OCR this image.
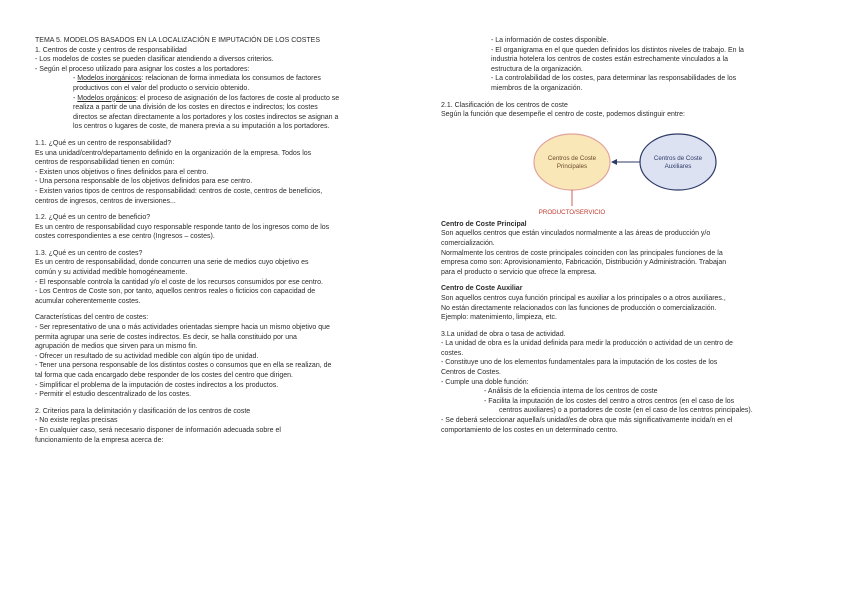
TEMA 5. MODELOS BASADOS EN LA LOCALIZACIÓN E IMPUTACIÓN DE LOS COSTES

1. Centros de coste y centros de responsabilidad

- Los modelos de costes se pueden clasificar atendiendo a diversos criterios.

- Según el proceso utilizado para asignar los costes a los portadores:

- Modelos inorgánicos: relacionan de forma inmediata los consumos de factores

productivos con el valor del producto o servicio obtenido.

- Modelos orgánicos: el proceso de asignación de los factores de coste al producto se

realiza a partir de una división de los costes en directos e indirectos; los costes

directos se afectan directamente a los portadores y los costes indirectos se asignan a

los centros o lugares de coste, de manera previa a su imputación a los portadores.

1.1. ¿Qué es un centro de responsabilidad?

Es una unidad/centro/departamento definido en la organización de la empresa. Todos los

centros de responsabilidad tienen en común:

- Existen unos objetivos o fines definidos para el centro.

- Una persona responsable de los objetivos definidos para ese centro.

- Existen varios tipos de centros de responsabilidad: centros de coste, centros de beneficios,

centros de ingresos, centros de inversiones...

1.2. ¿Qué es un centro de beneficio?

Es un centro de responsabilidad cuyo responsable responde tanto de los ingresos como de los

costes correspondientes a ese centro (Ingresos – costes).

1.3. ¿Qué es un centro de costes?

Es un centro de responsabilidad, donde concurren una serie de medios cuyo objetivo es

común y su actividad medible homogéneamente.

- El responsable controla la cantidad y/o el coste de los recursos consumidos por ese centro.

- Los Centros de Coste son, por tanto, aquellos centros reales o ficticios con capacidad de

acumular coherentemente costes.

Características del centro de costes:

- Ser representativo de una o más actividades orientadas siempre hacia un mismo objetivo que

permita agrupar una serie de costes indirectos. Es decir, se halla constituido por una

agrupación de medios que sirven para un mismo fin.

- Ofrecer un resultado de su actividad medible con algún tipo de unidad.

- Tener una persona responsable de los distintos costes o consumos que en ella se realizan, de

tal forma que cada encargado debe responder de los costes del centro que dirigen.

- Simplificar el problema de la imputación de costes indirectos a los productos.

- Permitir el estudio descentralizado de los costes.

2. Criterios para la delimitación y clasificación de los centros de coste

- No existe reglas precisas

- En cualquier caso, será necesario disponer de información adecuada sobre el

funcionamiento de la empresa acerca de:

- La información de costes disponible.

- El organigrama en el que queden definidos los distintos niveles de trabajo. En la

industria hotelera los centros de costes están estrechamente vinculados a la

estructura de la organización.

- La controlabilidad de los costes, para determinar las responsabilidades de los

miembros de la organización.

2.1. Clasificación de los centros de coste

Según la función que desempeñe el centro de coste, podemos distinguir entre:

Centros de Coste
Principales
Centros de Coste
Auxiliares
PRODUCTO/SERVICIO

Centro de Coste Principal

Son aquellos centros que están vinculados normalmente a las áreas de producción y/o

comercialización.

Normalmente los centros de coste principales coinciden con las principales funciones de la

empresa como son: Aprovisionamiento, Fabricación, Distribución y Administración. Trabajan

para el producto o servicio que ofrece la empresa.

Centro de Coste Auxiliar

Son aquellos centros cuya función principal es auxiliar a los principales o a otros auxiliares.,

No están directamente relacionados con las funciones de producción o comercialización.

Ejemplo: matenimiento, limpieza, etc.

3.La unidad de obra o tasa de actividad.

- La unidad de obra es la unidad definida para medir la producción o actividad de un centro de

costes.

- Constituye uno de los elementos fundamentales para la imputación de los costes de los

Centros de Costes.

- Cumple una doble función:

- Análisis de la eficiencia interna de los centros de coste

- Facilita la imputación de los costes del centro a otros centros (en el caso de los

centros auxiliares) o a portadores de coste (en el caso de los centros principales).

- Se deberá seleccionar aquella/s unidad/es de obra que más significativamente incida/n en el

comportamiento de los costes en un determinado centro.
